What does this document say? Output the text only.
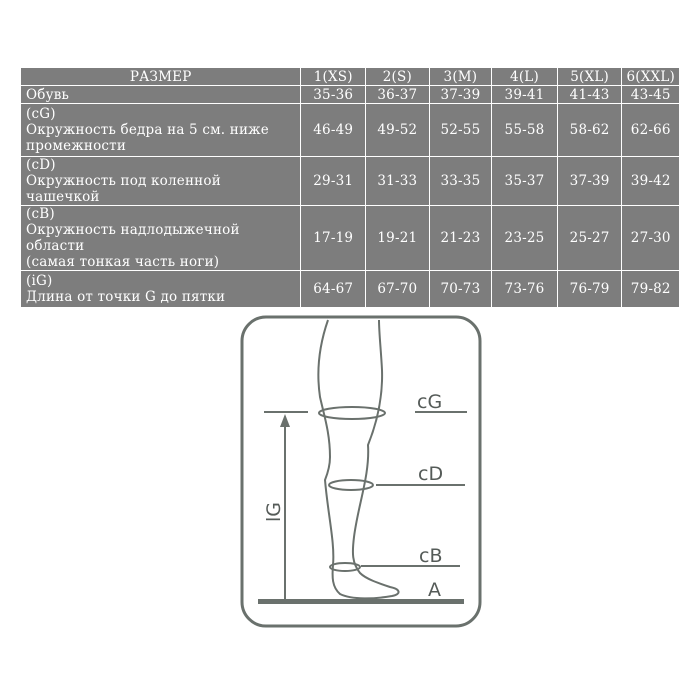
РАЗМЕР	1(XS)	2(S)	3(M)	4(L)	5(XL)	6(XXL)
Обувь	35-36	36-37	37-39	39-41	41-43	43-45
(cG)
Окружность бедра на 5 см. ниже
промежности	46-49	49-52	52-55	55-58	58-62	62-66
(cD)
Окружность под коленной чашечкой	29-31	31-33	33-35	35-37	37-39	39-42
(cB)
Окружность надлодыжечной области
(самая тонкая часть ноги)	17-19	19-21	21-23	23-25	25-27	27-30
(iG)
Длина от точки G до пятки	64-67	67-70	70-73	73-76	76-79	79-82
cG
cD
cB
A
lG
